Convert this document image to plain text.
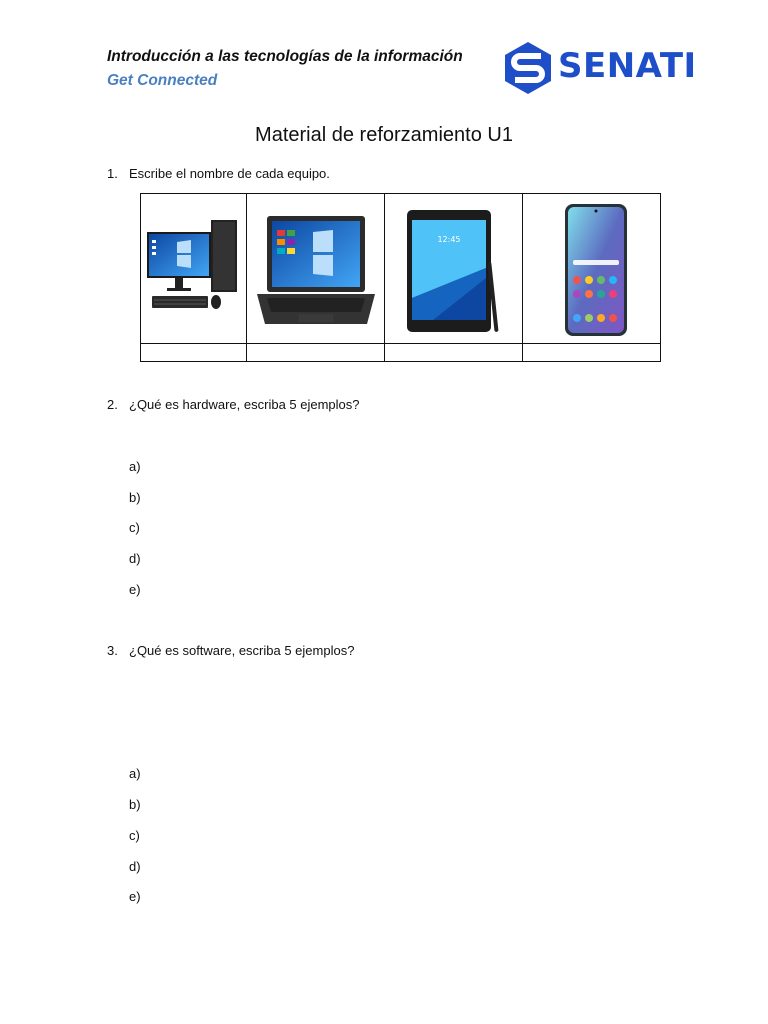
Introducción a las tecnologías de la información
Get Connected	SENATI
Material de reforzamiento U1
1. Escribe el nombre de cada equipo.
12:45
2. ¿Qué es hardware, escriba 5 ejemplos?
a)
b)
c)
d)
e)
3. ¿Qué es software, escriba 5 ejemplos?
a)
b)
c)
d)
e)
